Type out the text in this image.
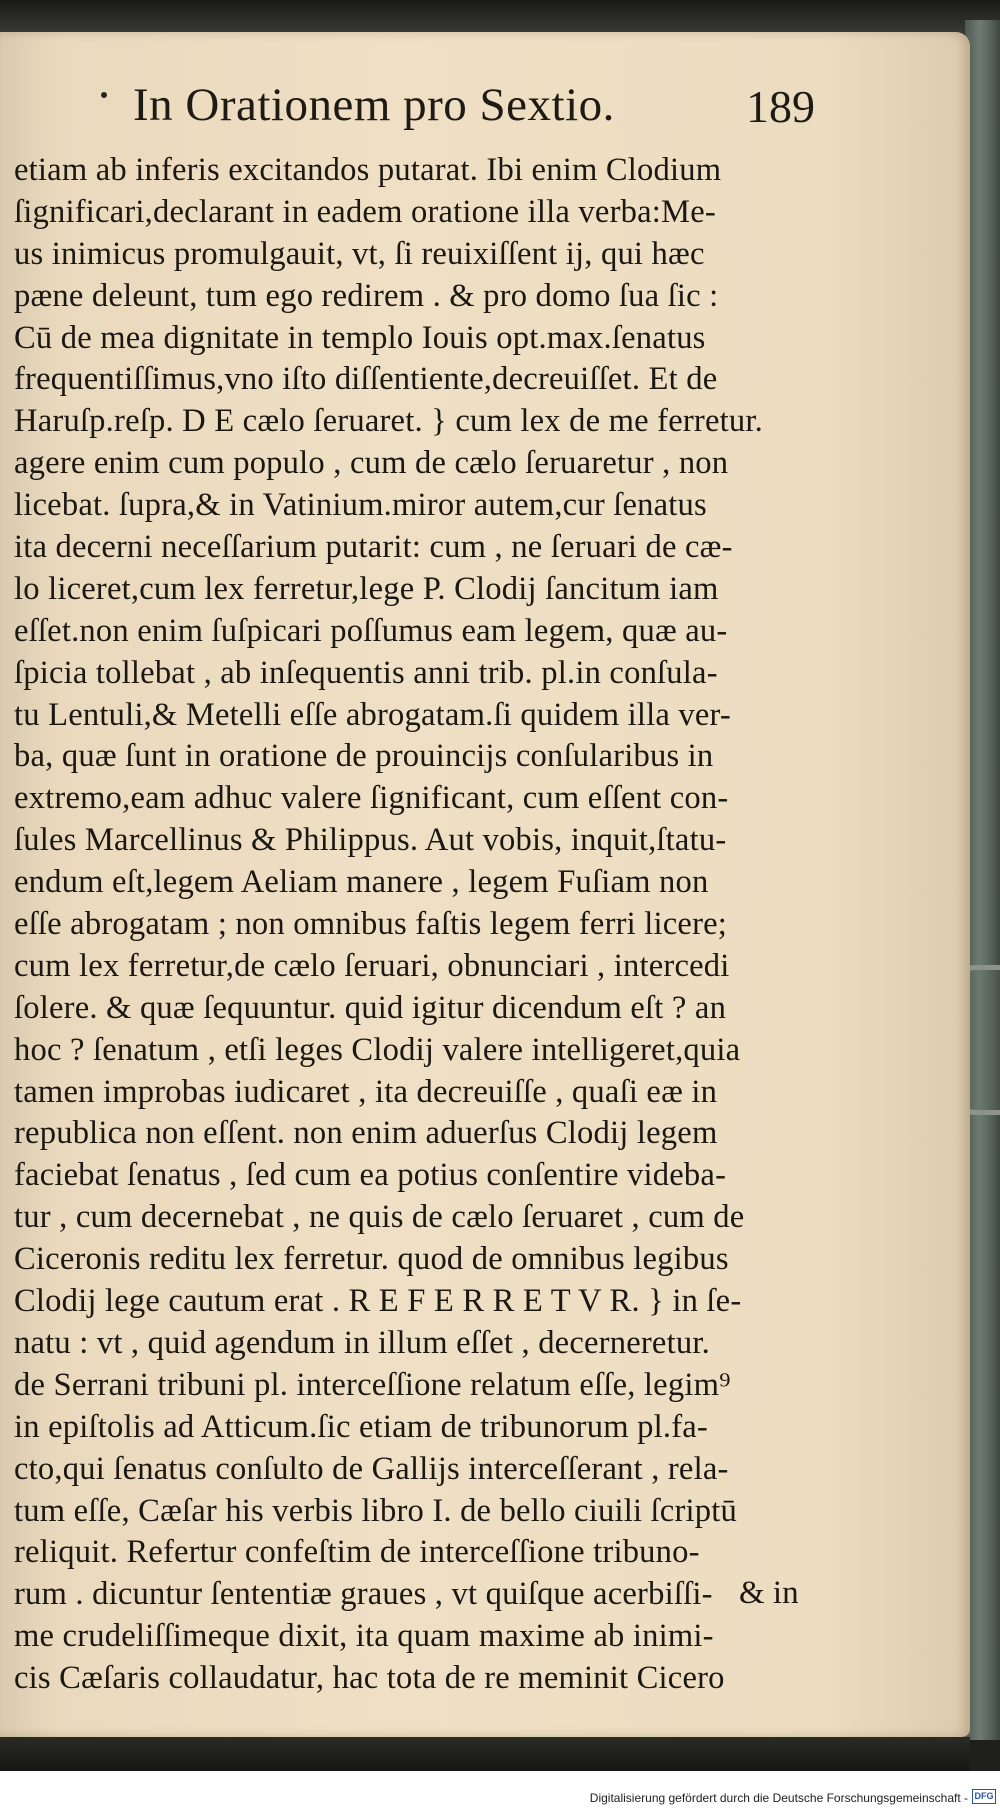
In Orationem pro Sextio.	189
etiam ab inferis excitandos putarat. Ibi enim Clodium
ſignificari,declarant in eadem oratione illa verba:Me-
us inimicus promulgauit, vt, ſi reuixiſſent ij, qui hæc
pæne deleunt, tum ego redirem . & pro domo ſua ſic :
Cū de mea dignitate in templo Iouis opt.max.ſenatus
frequentiſſimus,vno iſto diſſentiente,decreuiſſet. Et de
Haruſp.reſp. D E cælo ſeruaret. } cum lex de me ferretur.
agere enim cum populo , cum de cælo ſeruaretur , non
licebat. ſupra,& in Vatinium.miror autem,cur ſenatus
ita decerni neceſſarium putarit: cum , ne ſeruari de cæ-
lo liceret,cum lex ferretur,lege P. Clodij ſancitum iam
eſſet.non enim ſuſpicari poſſumus eam legem, quæ au-
ſpicia tollebat , ab inſequentis anni trib. pl.in conſula-
tu Lentuli,& Metelli eſſe abrogatam.ſi quidem illa ver-
ba, quæ ſunt in oratione de prouincijs conſularibus in
extremo,eam adhuc valere ſignificant, cum eſſent con-
ſules Marcellinus & Philippus. Aut vobis, inquit,ſtatu-
endum eſt,legem Aeliam manere , legem Fuſiam non
eſſe abrogatam ; non omnibus faſtis legem ferri licere;
cum lex ferretur,de cælo ſeruari, obnunciari , intercedi
ſolere. & quæ ſequuntur. quid igitur dicendum eſt ? an
hoc ? ſenatum , etſi leges Clodij valere intelligeret,quia
tamen improbas iudicaret , ita decreuiſſe , quaſi eæ in
republica non eſſent. non enim aduerſus Clodij legem
faciebat ſenatus , ſed cum ea potius conſentire videba-
tur , cum decernebat , ne quis de cælo ſeruaret , cum de
Ciceronis reditu lex ferretur. quod de omnibus legibus
Clodij lege cautum erat . R E F E R R E T V R. } in ſe-
natu : vt , quid agendum in illum eſſet , decerneretur.
de Serrani tribuni pl. interceſſione relatum eſſe, legim⁹
in epiſtolis ad Atticum.ſic etiam de tribunorum pl.fa-
cto,qui ſenatus conſulto de Gallijs interceſſerant , rela-
tum eſſe, Cæſar his verbis libro I. de bello ciuili ſcriptū
reliquit. Refertur confeſtim de interceſſione tribuno-
rum . dicuntur ſententiæ graues , vt quiſque acerbiſſi-
me crudeliſſimeque dixit, ita quam maxime ab inimi-
cis Cæſaris collaudatur, hac tota de re meminit Cicero
& in
Digitalisierung gefördert durch die Deutsche Forschungsgemeinschaft - DFG
